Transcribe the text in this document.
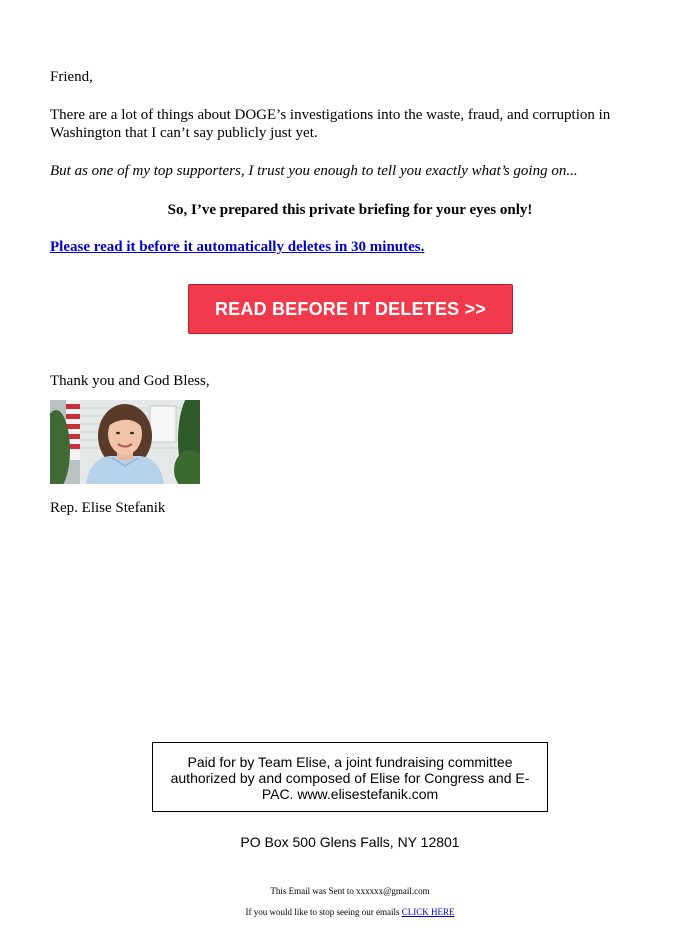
Friend,

There are a lot of things about DOGE’s investigations into the waste, fraud, and corruption in Washington that I can’t say publicly just yet.

But as one of my top supporters, I trust you enough to tell you exactly what’s going on...

So, I’ve prepared this private briefing for your eyes only!

Please read it before it automatically deletes in 30 minutes.
READ BEFORE IT DELETES >>

Thank you and God Bless,

Rep. Elise Stefanik

Paid for by Team Elise, a joint fundraising committee authorized by and composed of Elise for Congress and E-PAC. www.elisestefanik.com
PO Box 500 Glens Falls, NY 12801
This Email was Sent to xxxxxx@gmail.com
If you would like to stop seeing our emails CLICK HERE
